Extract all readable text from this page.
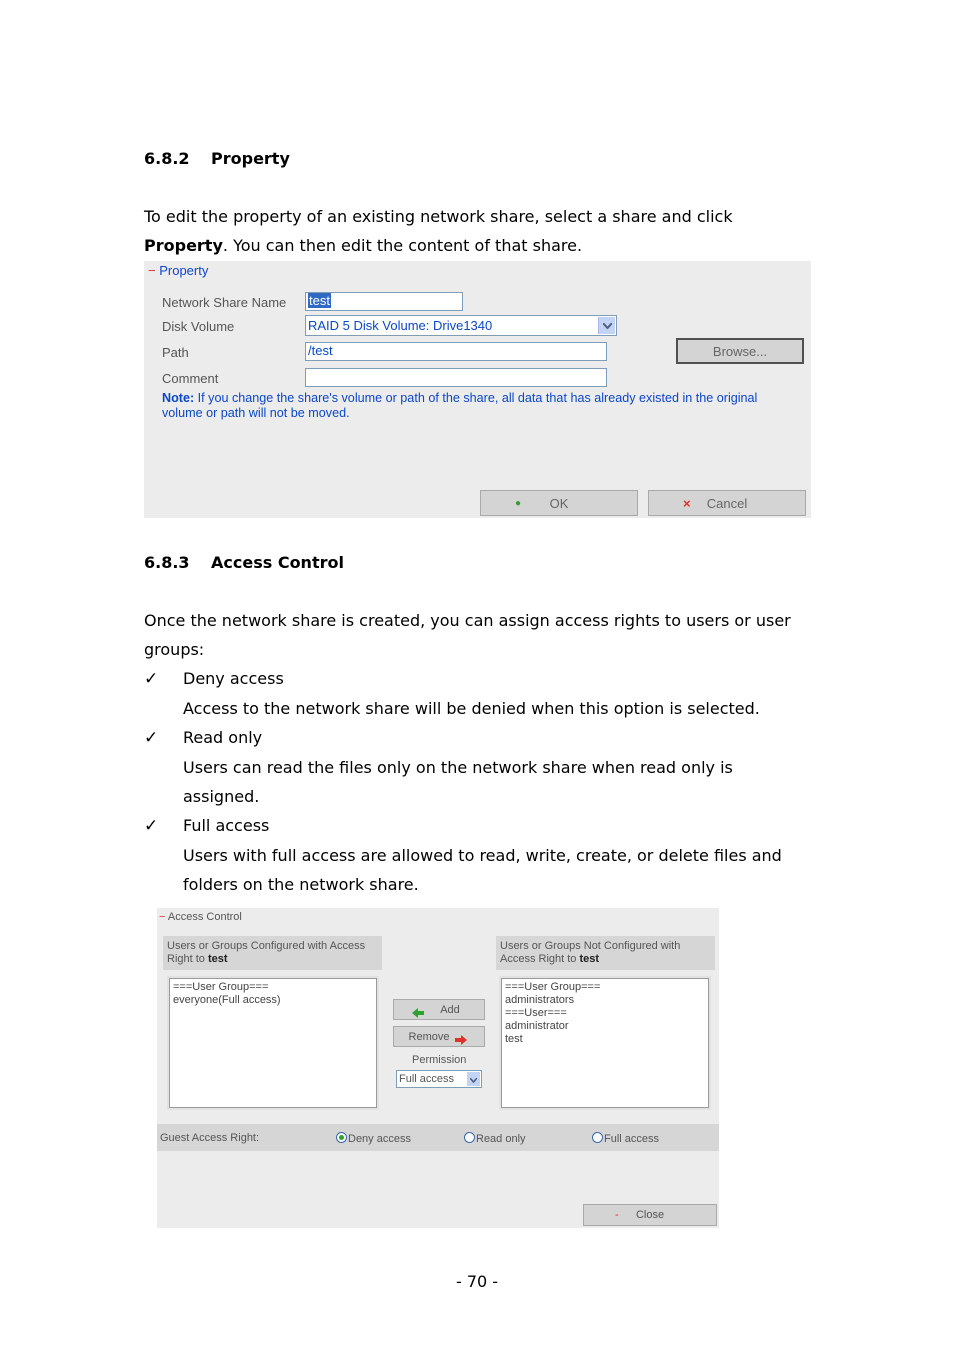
6.8.2 Property
To edit the property of an existing network share, select a share and click
Property. You can then edit the content of that share.
− Property
Network Share Name	test
Disk Volume	RAID 5 Disk Volume: Drive1340
Path	/test	Browse...
Comment
Note: If you change the share's volume or path of the share, all data that has already existed in the original
volume or path will not be moved.
● OK	× Cancel
6.8.3 Access Control
Once the network share is created, you can assign access rights to users or user
groups:
✓ Deny access
Access to the network share will be denied when this option is selected.
✓ Read only
Users can read the files only on the network share when read only is
assigned.
✓ Full access
Users with full access are allowed to read, write, create, or delete files and
folders on the network share.
− Access Control
Users or Groups Configured with Access
Right to test
Users or Groups Not Configured with
Access Right to test
===User Group===
everyone(Full access)
===User Group===
administrators
===User===
administrator
test
Add
Remove
Permission
Full access
Guest Access Right:	Deny access	Read only	Full access
- Close
- 70 -
